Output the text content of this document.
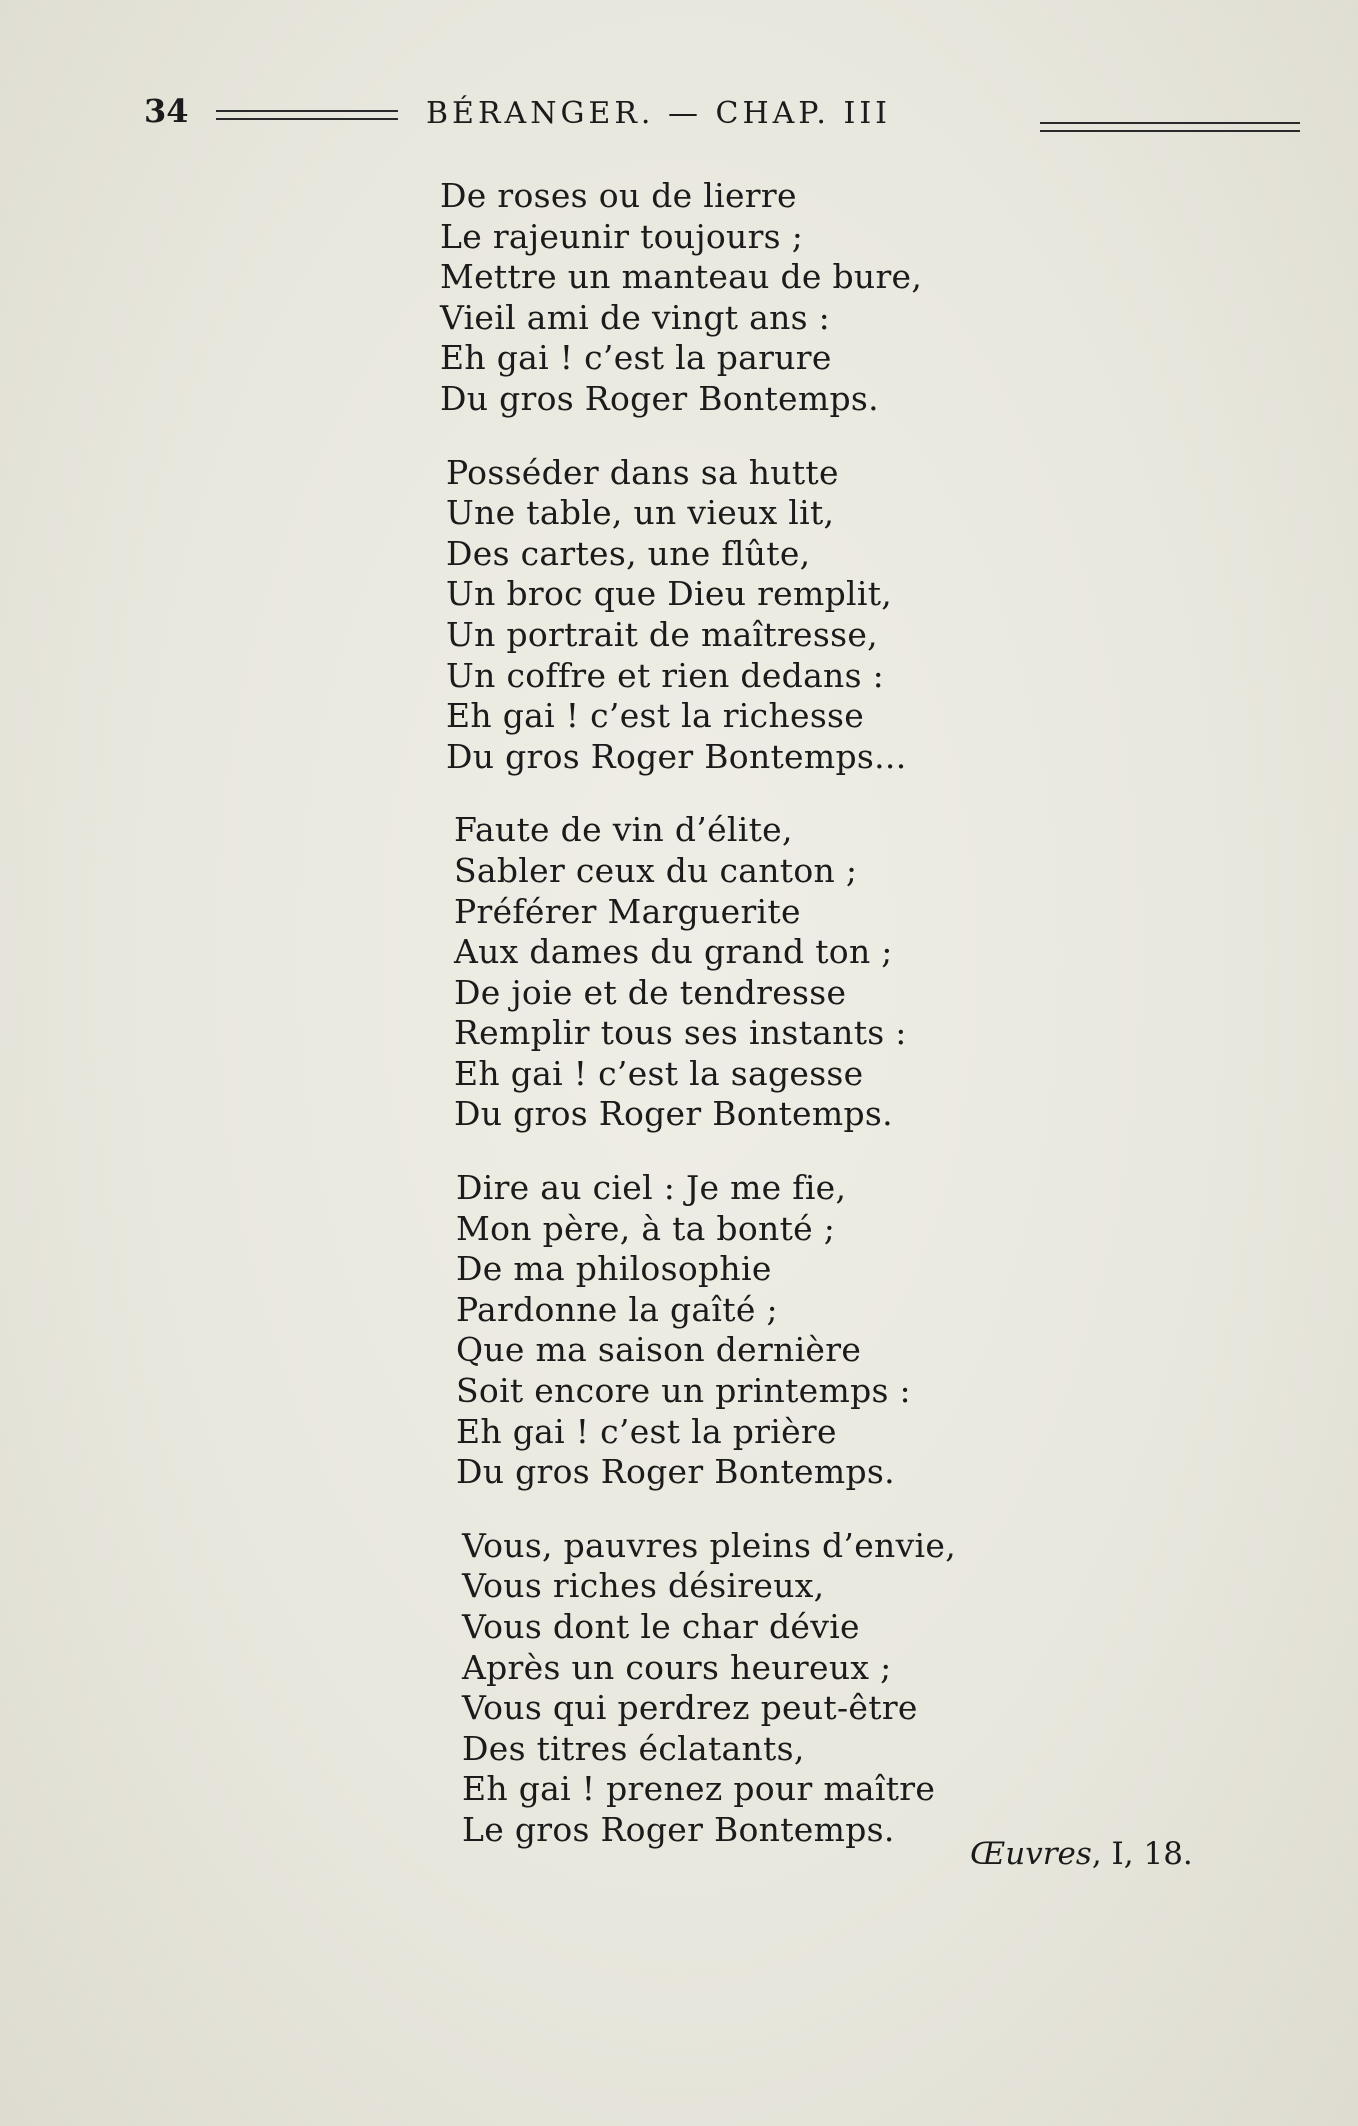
34	BÉRANGER. — CHAP. III
De roses ou de lierre
Le rajeunir toujours ;
Mettre un manteau de bure,
Vieil ami de vingt ans :
Eh gai ! c’est la parure
Du gros Roger Bontemps.
Posséder dans sa hutte
Une table, un vieux lit,
Des cartes, une flûte,
Un broc que Dieu remplit,
Un portrait de maîtresse,
Un coffre et rien dedans :
Eh gai ! c’est la richesse
Du gros Roger Bontemps...
Faute de vin d’élite,
Sabler ceux du canton ;
Préférer Marguerite
Aux dames du grand ton ;
De joie et de tendresse
Remplir tous ses instants :
Eh gai ! c’est la sagesse
Du gros Roger Bontemps.
Dire au ciel : Je me fie,
Mon père, à ta bonté ;
De ma philosophie
Pardonne la gaîté ;
Que ma saison dernière
Soit encore un printemps :
Eh gai ! c’est la prière
Du gros Roger Bontemps.
Vous, pauvres pleins d’envie,
Vous riches désireux,
Vous dont le char dévie
Après un cours heureux ;
Vous qui perdrez peut-être
Des titres éclatants,
Eh gai ! prenez pour maître
Le gros Roger Bontemps.
Œuvres, I, 18.
